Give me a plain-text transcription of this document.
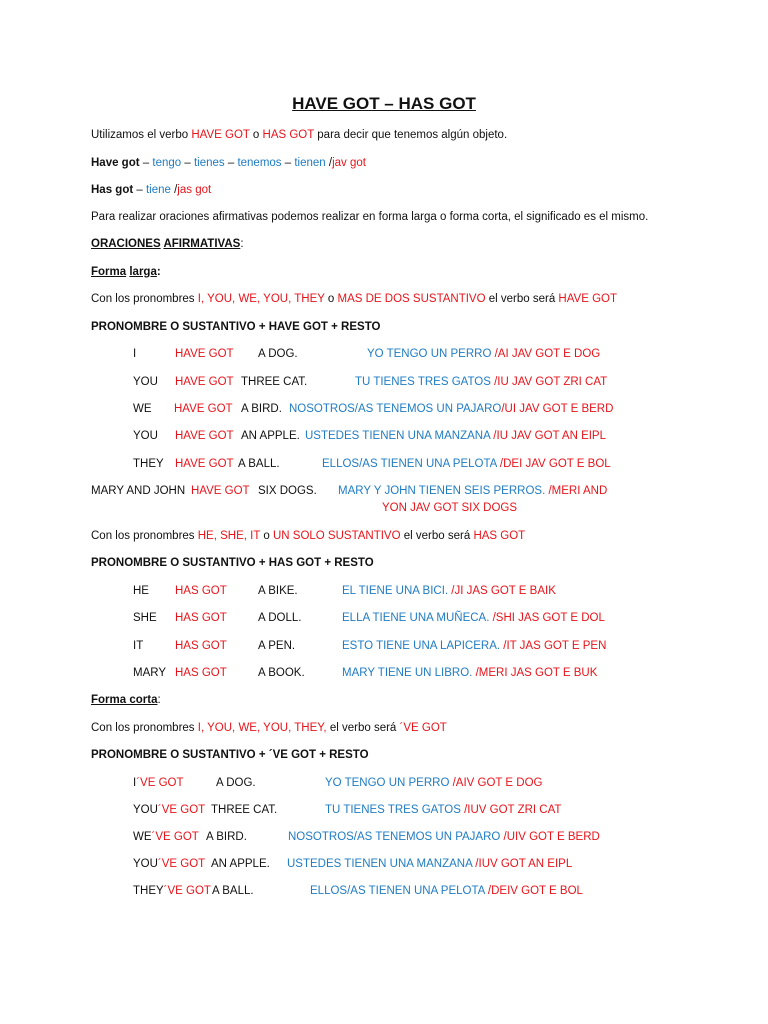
HAVE GOT – HAS GOT
Utilizamos el verbo HAVE GOT o HAS GOT para decir que tenemos algún objeto.
Have got – tengo – tienes – tenemos – tienen /jav got
Has got – tiene /jas got
Para realizar oraciones afirmativas podemos realizar en forma larga o forma corta, el significado es el mismo.
ORACIONES AFIRMATIVAS:
Forma larga:
Con los pronombres I, YOU, WE, YOU, THEY o MAS DE DOS SUSTANTIVO el verbo será HAVE GOT
PRONOMBRE O SUSTANTIVO + HAVE GOT + RESTO
I	HAVE GOT A DOG.	YO TENGO UN PERRO /AI JAV GOT E DOG
YOU HAVE GOT THREE CAT.	TU TIENES TRES GATOS /IU JAV GOT ZRI CAT
WE HAVE GOT A BIRD. NOSOTROS/AS TENEMOS UN PAJARO/UI JAV GOT E BERD
YOU HAVE GOT AN APPLE. USTEDES TIENEN UNA MANZANA /IU JAV GOT AN EIPL
THEY HAVE GOT A BALL.	ELLOS/AS TIENEN UNA PELOTA /DEI JAV GOT E BOL
MARY AND JOHN HAVE GOT SIX DOGS. MARY Y JOHN TIENEN SEIS PERROS. /MERI AND
YON JAV GOT SIX DOGS
Con los pronombres HE, SHE, IT o UN SOLO SUSTANTIVO el verbo será HAS GOT
PRONOMBRE O SUSTANTIVO + HAS GOT + RESTO
HE HAS GOT	A BIKE.	EL TIENE UNA BICI. /JI JAS GOT E BAIK
SHE HAS GOT	A DOLL.	ELLA TIENE UNA MUÑECA. /SHI JAS GOT E DOL
IT	HAS GOT	A PEN.	ESTO TIENE UNA LAPICERA. /IT JAS GOT E PEN
MARY HAS GOT	A BOOK.	MARY TIENE UN LIBRO. /MERI JAS GOT E BUK
Forma corta:
Con los pronombres I, YOU, WE, YOU, THEY, el verbo será ´VE GOT
PRONOMBRE O SUSTANTIVO + ´VE GOT + RESTO
I´VE GOT	A DOG.	YO TENGO UN PERRO /AIV GOT E DOG
YOU´VE GOT THREE CAT.	TU TIENES TRES GATOS /IUV GOT ZRI CAT
WE´VE GOT A BIRD.	NOSOTROS/AS TENEMOS UN PAJARO /UIV GOT E BERD
YOU´VE GOT AN APPLE. USTEDES TIENEN UNA MANZANA /IUV GOT AN EIPL
THEY´VE GOT A BALL.	ELLOS/AS TIENEN UNA PELOTA /DEIV GOT E BOL
